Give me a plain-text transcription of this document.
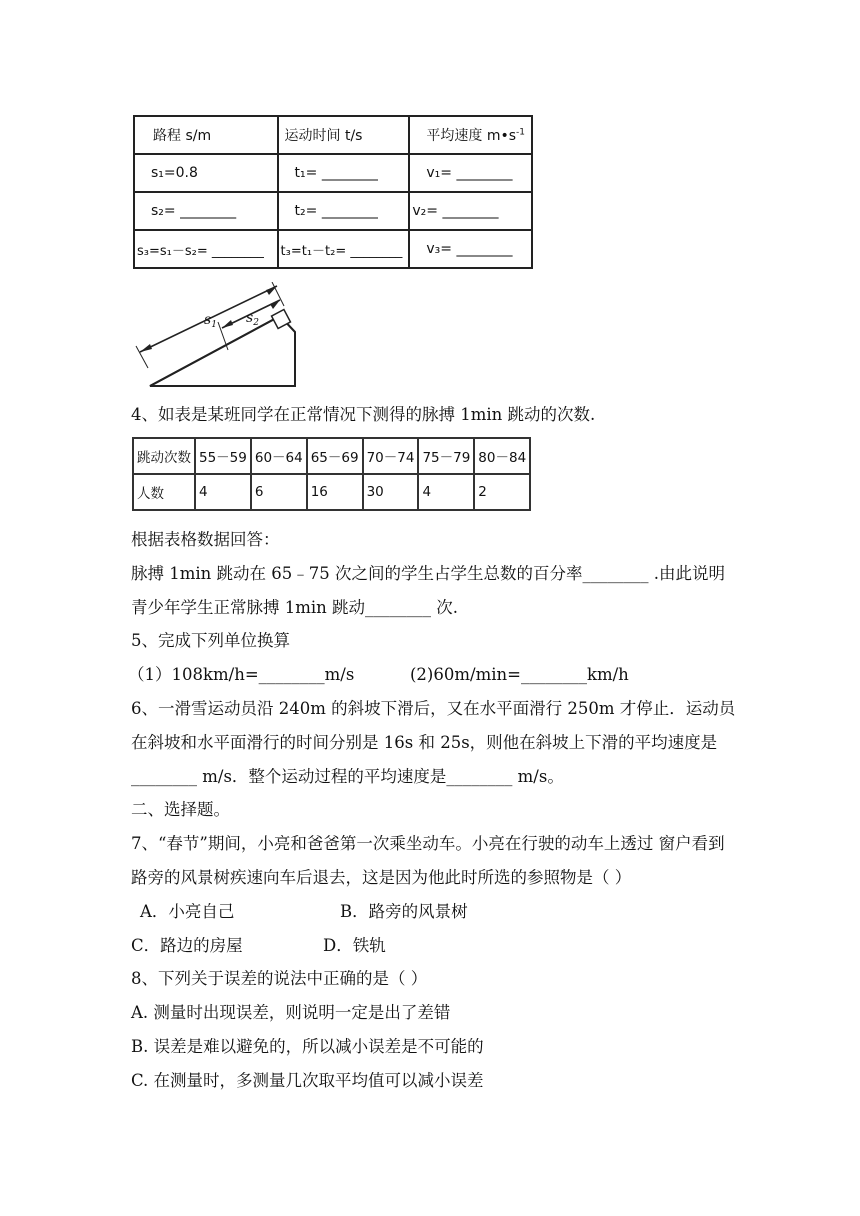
路程 s/m	运动时间 t/s	平均速度 $m•s^{-1}$
s₁=0.8	t₁= ________	v₁= ________
s₂= ________	t₂= ________	v₂= ________
s₃=s₁－s₂= ________	t₃=t₁－t₂= ________	v₃= ________
$s_1$ $s_2$
4、如表是某班同学在正常情况下测得的脉搏 1min 跳动的次数.
跳动次数	55－59	60－64	65－69	70－74	75－79	80－84
人数	4	6	16	30	4	2
根据表格数据回答：
脉搏 1min 跳动在 65﹣75 次之间的学生占学生总数的百分率________ .由此说明
青少年学生正常脉搏 1min 跳动________ 次.
5、完成下列单位换算
（1）108km/h=________m/s	(2)60m/min=________km/h
6、一滑雪运动员沿 240m 的斜坡下滑后，又在水平面滑行 250m 才停止．运动员
在斜坡和水平面滑行的时间分别是 16s 和 25s，则他在斜坡上下滑的平均速度是
________ m/s．整个运动过程的平均速度是________ m/s。
二、选择题。
7、“春节”期间，小亮和爸爸第一次乘坐动车。小亮在行驶的动车上透过 窗户看到
路旁的风景树疾速向车后退去，这是因为他此时所选的参照物是（ ）
A．小亮自己	B．路旁的风景树
C．路边的房屋	D．铁轨
8、下列关于误差的说法中正确的是（ ）
A. 测量时出现误差，则说明一定是出了差错
B. 误差是难以避免的，所以减小误差是不可能的
C. 在测量时，多测量几次取平均值可以减小误差
